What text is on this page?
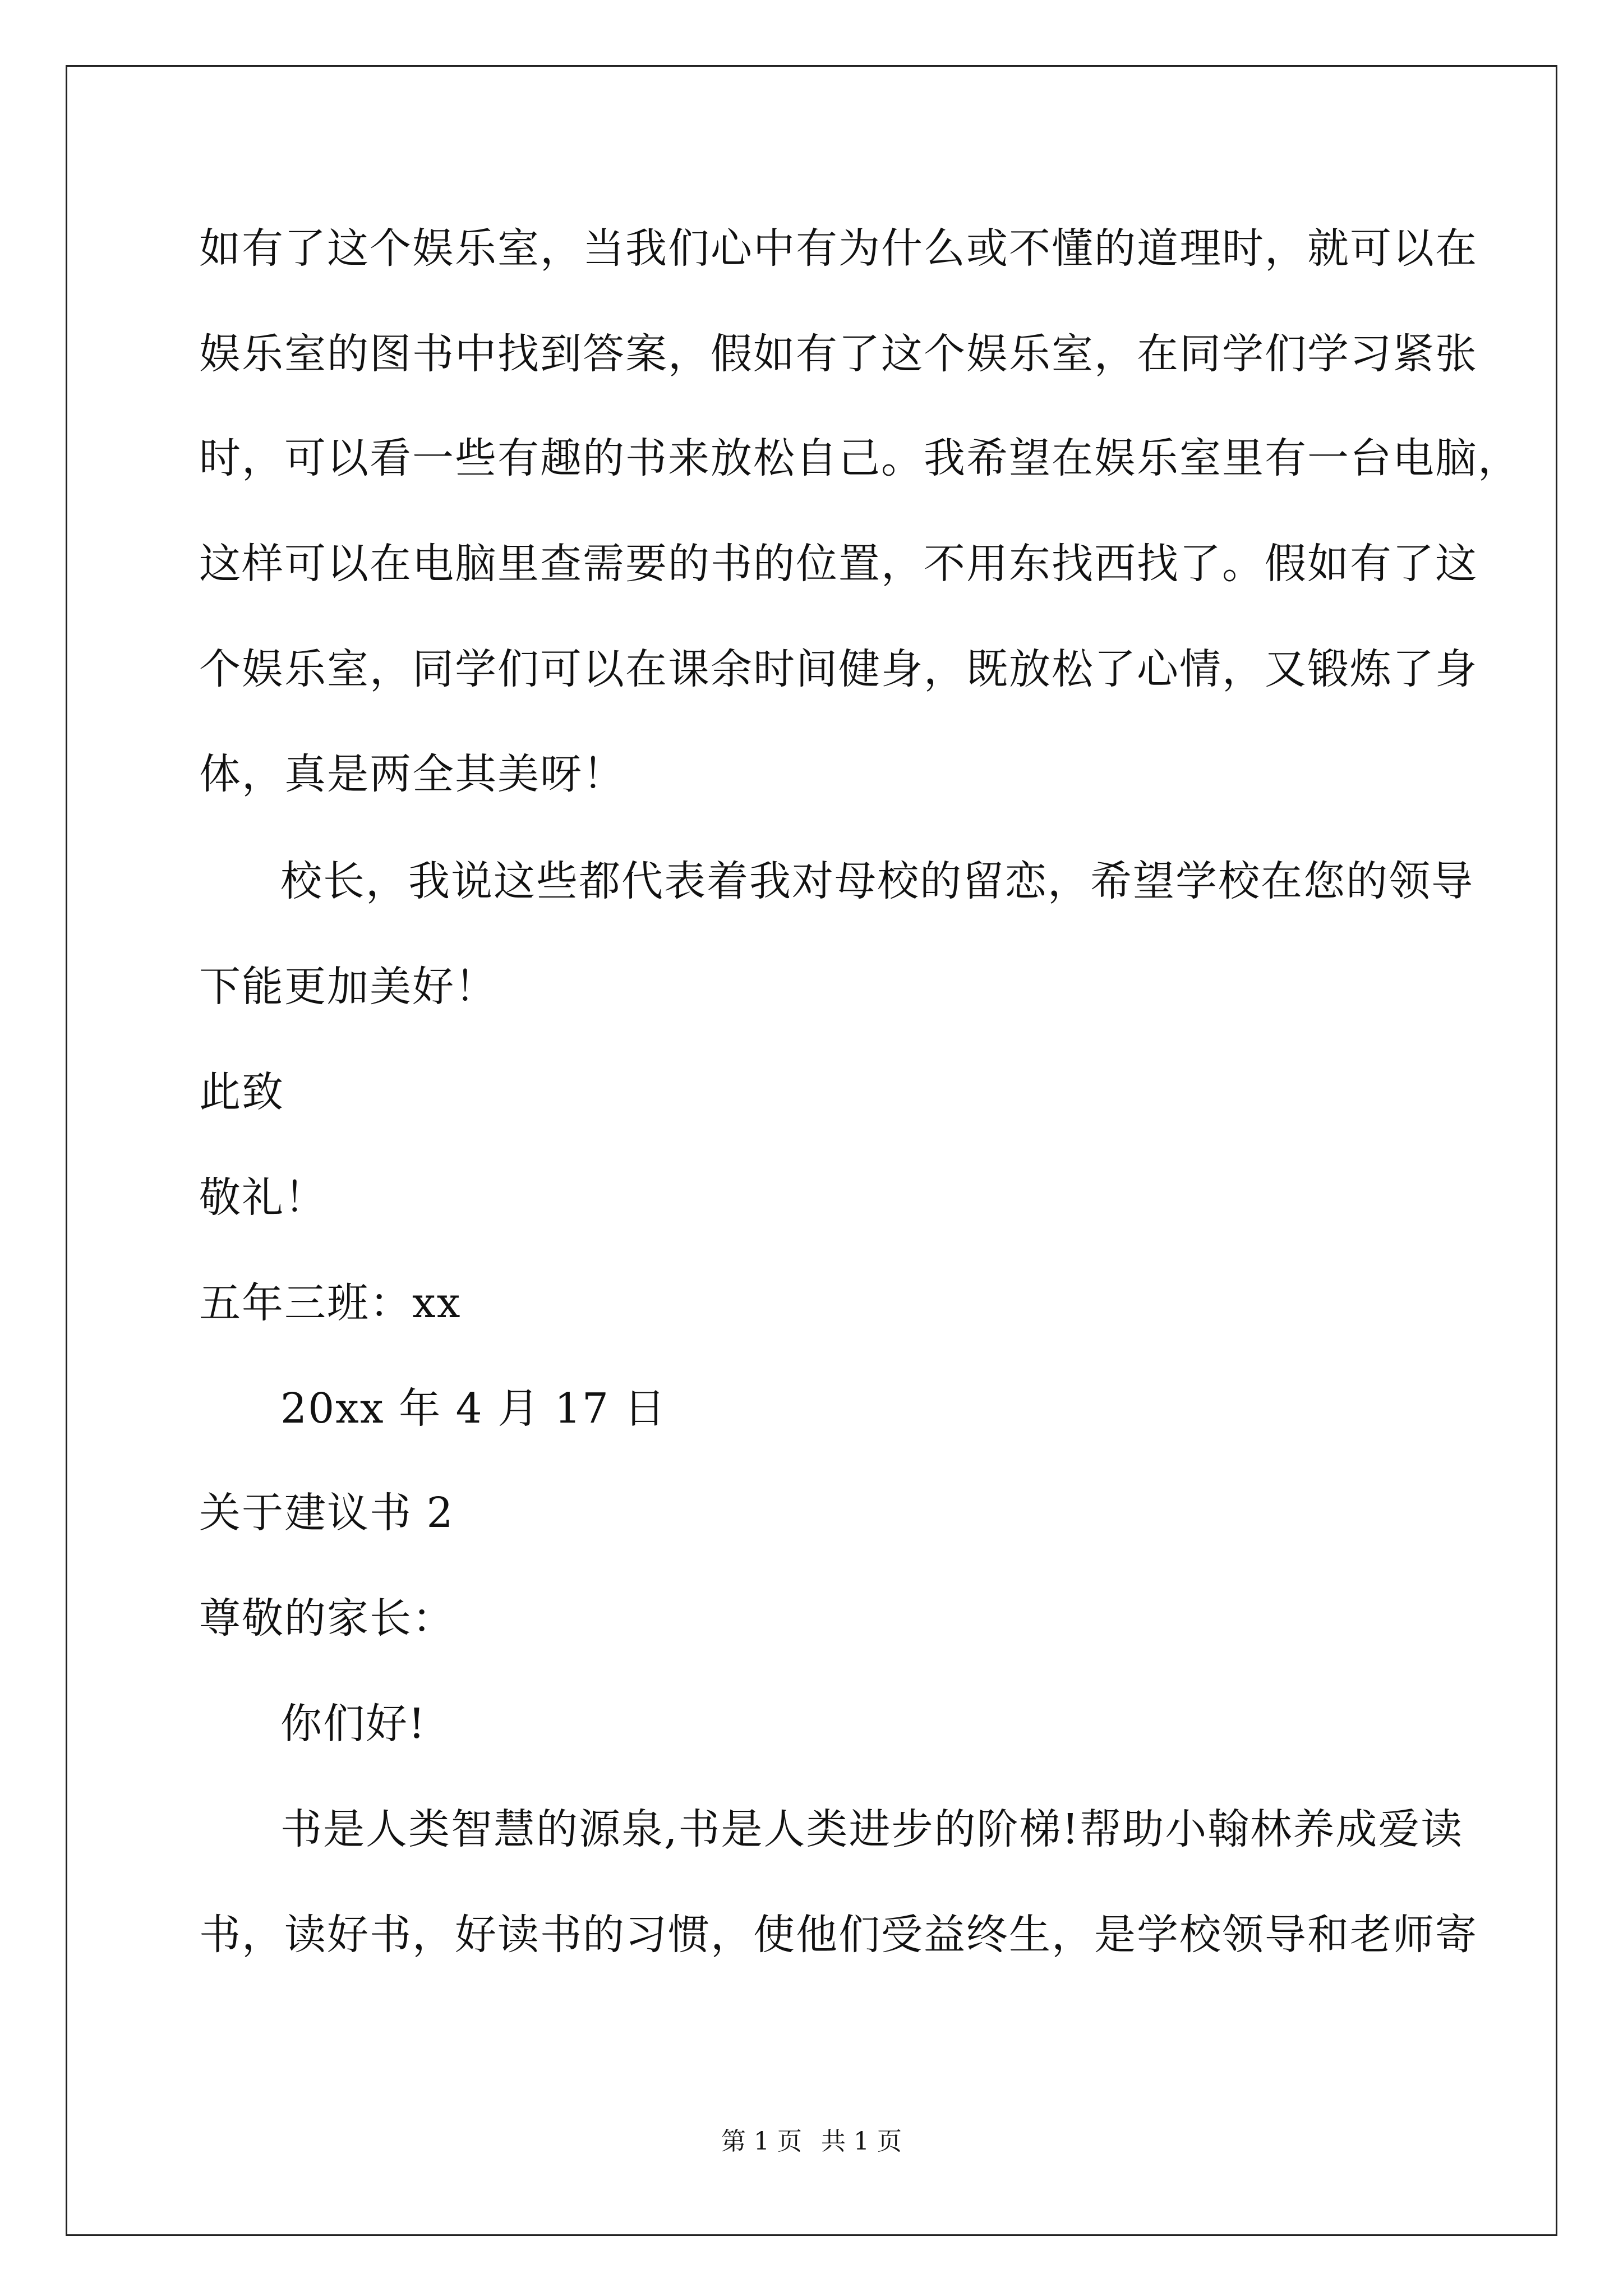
如有了这个娱乐室，当我们心中有为什么或不懂的道理时，就可以在
娱乐室的图书中找到答案，假如有了这个娱乐室，在同学们学习紧张
时，可以看一些有趣的书来放松自己。我希望在娱乐室里有一台电脑，
这样可以在电脑里查需要的书的位置，不用东找西找了。假如有了这
个娱乐室，同学们可以在课余时间健身，既放松了心情，又锻炼了身
体，真是两全其美呀！
校长，我说这些都代表着我对母校的留恋，希望学校在您的领导
下能更加美好！
此致
敬礼！
五年三班：xx
20xx 年 4 月 17 日
关于建议书 2
尊敬的家长：
你们好!
书是人类智慧的源泉,书是人类进步的阶梯!帮助小翰林养成爱读
书，读好书，好读书的习惯，使他们受益终生，是学校领导和老师寄
第 1 页 共 1 页
